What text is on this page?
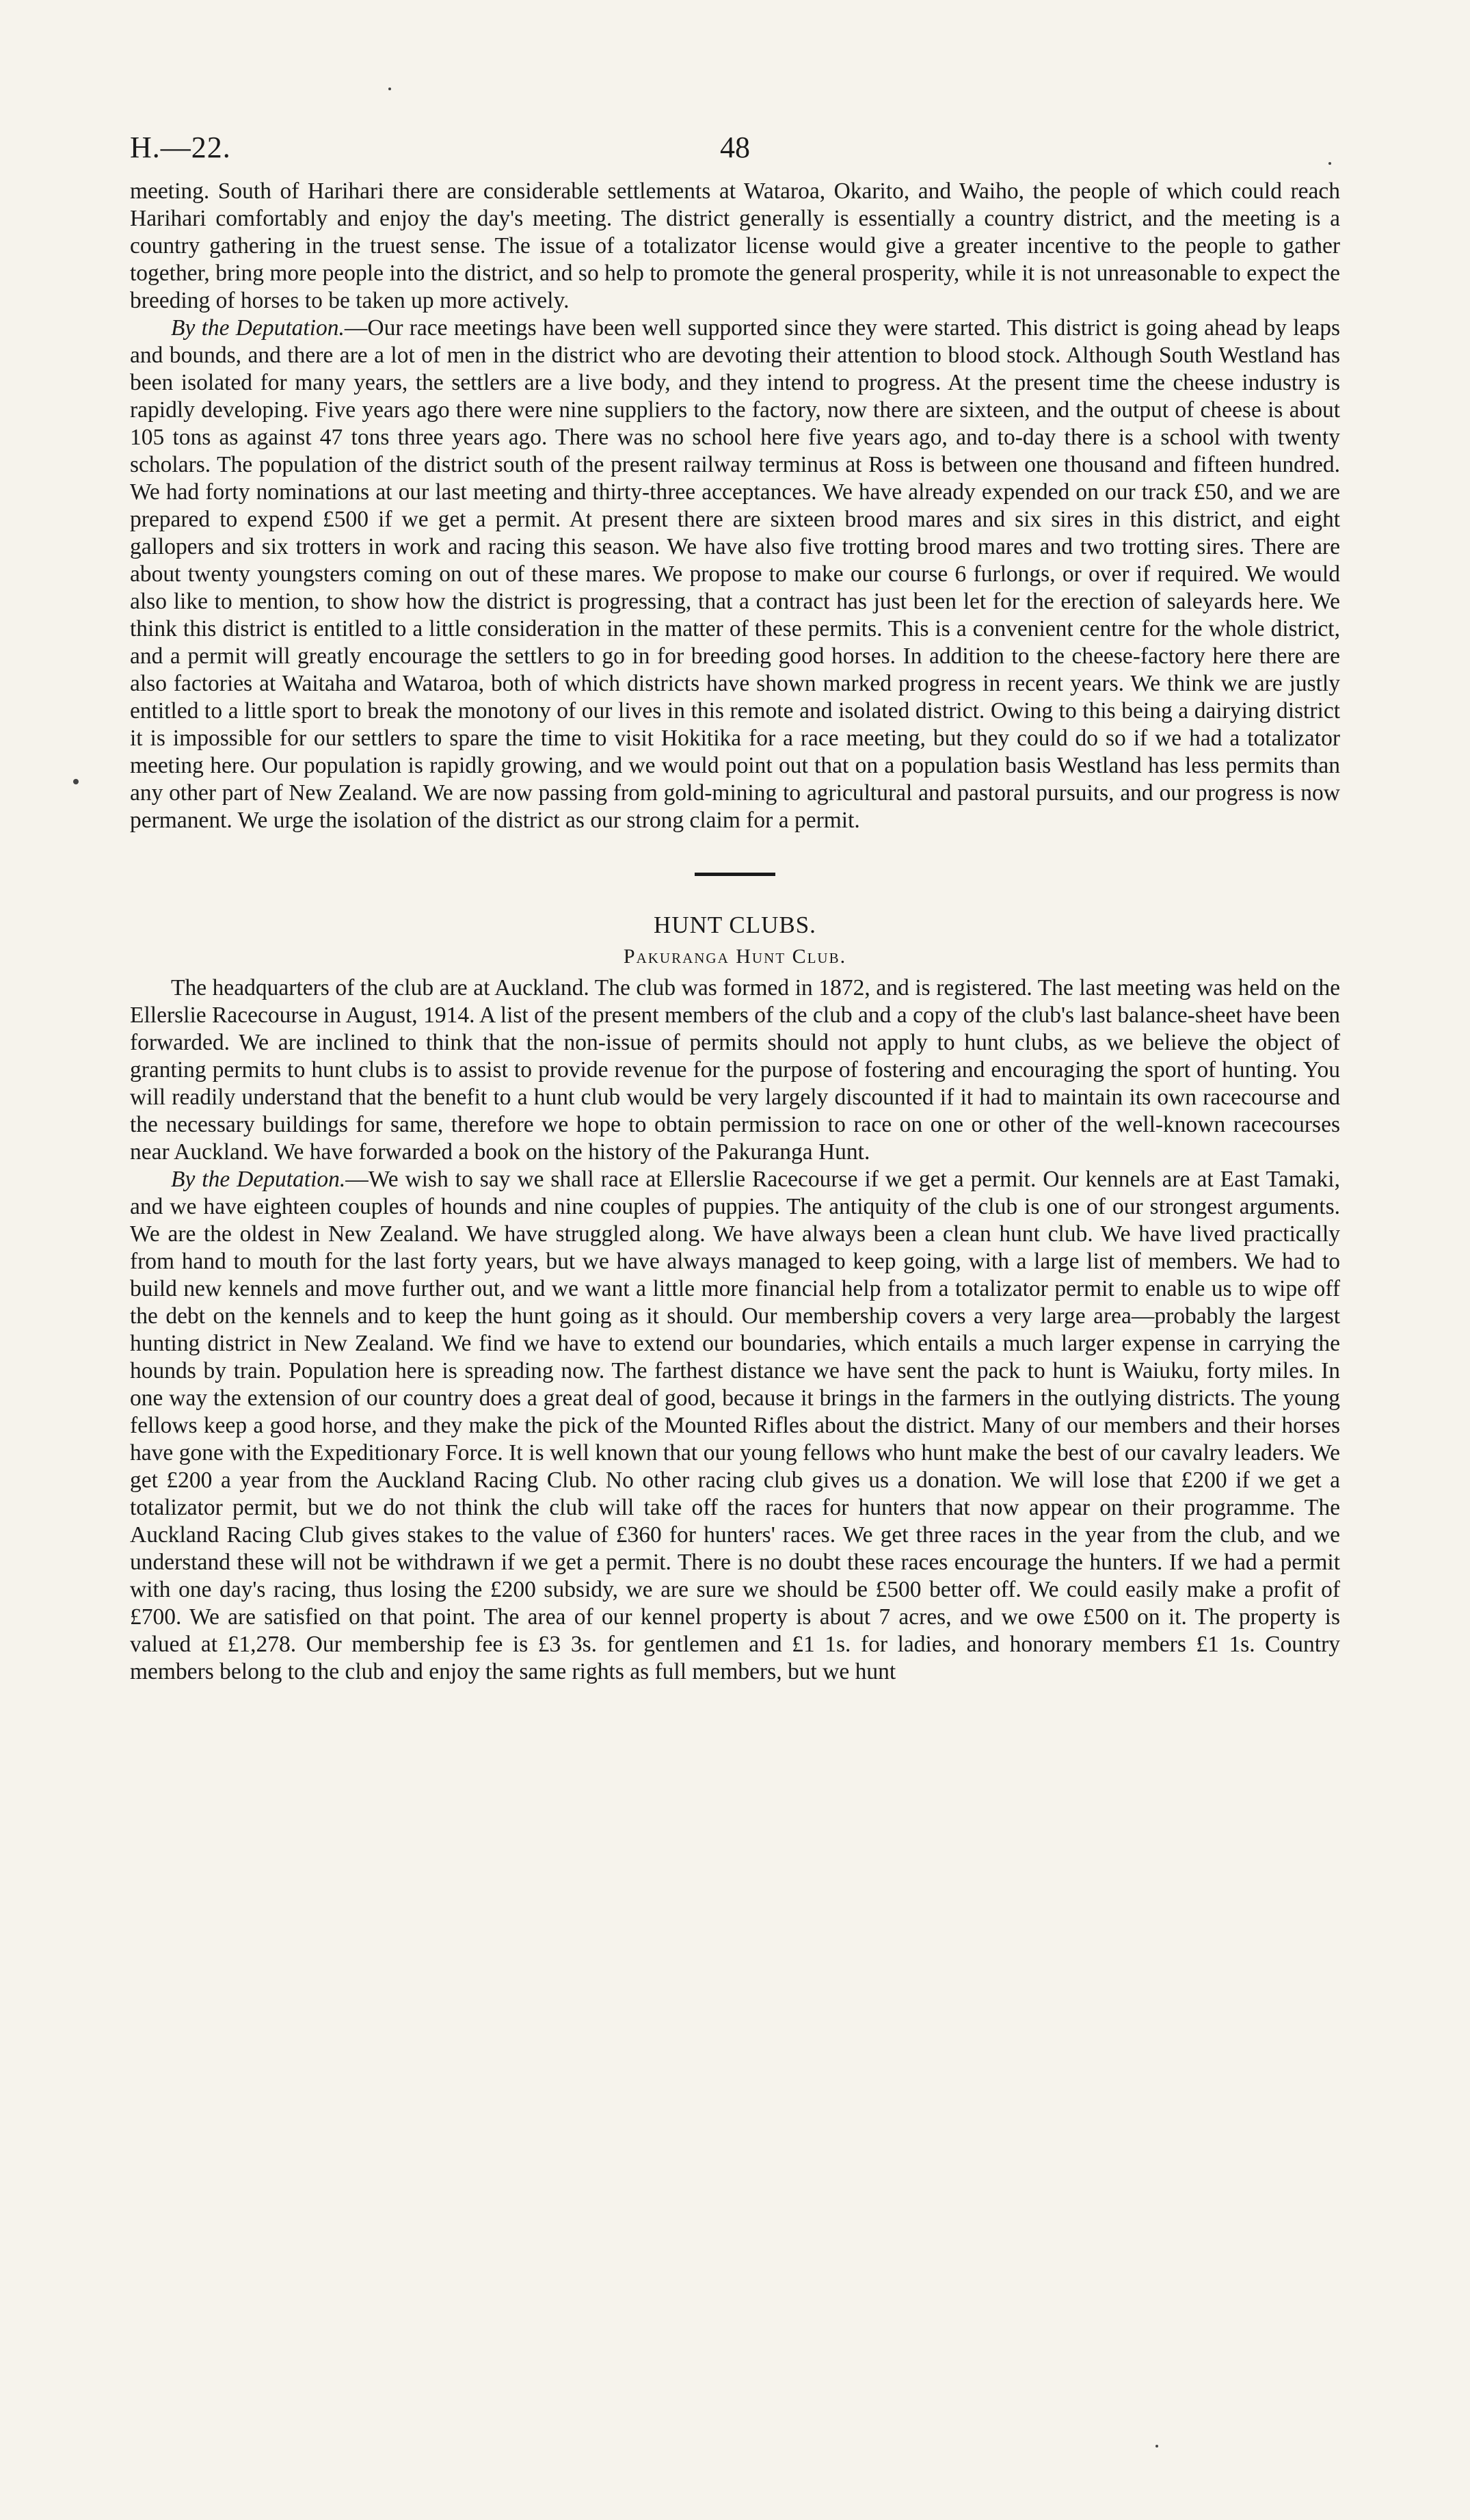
H.—22.	48

meeting. South of Harihari there are considerable settlements at Wataroa, Okarito, and Waiho, the people of which could reach Harihari comfortably and enjoy the day's meeting. The district generally is essentially a country district, and the meeting is a country gathering in the truest sense. The issue of a totalizator license would give a greater incentive to the people to gather together, bring more people into the district, and so help to promote the general prosperity, while it is not unreasonable to expect the breeding of horses to be taken up more actively.

By the Deputation.—Our race meetings have been well supported since they were started. This district is going ahead by leaps and bounds, and there are a lot of men in the district who are devoting their attention to blood stock. Although South Westland has been isolated for many years, the settlers are a live body, and they intend to progress. At the present time the cheese industry is rapidly developing. Five years ago there were nine suppliers to the factory, now there are sixteen, and the output of cheese is about 105 tons as against 47 tons three years ago. There was no school here five years ago, and to-day there is a school with twenty scholars. The population of the district south of the present railway terminus at Ross is between one thousand and fifteen hundred. We had forty nominations at our last meeting and thirty-three acceptances. We have already expended on our track £50, and we are prepared to expend £500 if we get a permit. At present there are sixteen brood mares and six sires in this district, and eight gallopers and six trotters in work and racing this season. We have also five trotting brood mares and two trotting sires. There are about twenty youngsters coming on out of these mares. We propose to make our course 6 furlongs, or over if required. We would also like to mention, to show how the district is progressing, that a contract has just been let for the erection of saleyards here. We think this district is entitled to a little consideration in the matter of these permits. This is a convenient centre for the whole district, and a permit will greatly encourage the settlers to go in for breeding good horses. In addition to the cheese-factory here there are also factories at Waitaha and Wataroa, both of which districts have shown marked progress in recent years. We think we are justly entitled to a little sport to break the monotony of our lives in this remote and isolated district. Owing to this being a dairying district it is impossible for our settlers to spare the time to visit Hokitika for a race meeting, but they could do so if we had a totalizator meeting here. Our population is rapidly growing, and we would point out that on a population basis Westland has less permits than any other part of New Zealand. We are now passing from gold-mining to agricultural and pastoral pursuits, and our progress is now permanent. We urge the isolation of the district as our strong claim for a permit.

HUNT CLUBS.
Pakuranga Hunt Club.

The headquarters of the club are at Auckland. The club was formed in 1872, and is registered. The last meeting was held on the Ellerslie Racecourse in August, 1914. A list of the present members of the club and a copy of the club's last balance-sheet have been forwarded. We are inclined to think that the non-issue of permits should not apply to hunt clubs, as we believe the object of granting permits to hunt clubs is to assist to provide revenue for the purpose of fostering and encouraging the sport of hunting. You will readily understand that the benefit to a hunt club would be very largely discounted if it had to maintain its own racecourse and the necessary buildings for same, therefore we hope to obtain permission to race on one or other of the well-known racecourses near Auckland. We have forwarded a book on the history of the Pakuranga Hunt.

By the Deputation.—We wish to say we shall race at Ellerslie Racecourse if we get a permit. Our kennels are at East Tamaki, and we have eighteen couples of hounds and nine couples of puppies. The antiquity of the club is one of our strongest arguments. We are the oldest in New Zealand. We have struggled along. We have always been a clean hunt club. We have lived practically from hand to mouth for the last forty years, but we have always managed to keep going, with a large list of members. We had to build new kennels and move further out, and we want a little more financial help from a totalizator permit to enable us to wipe off the debt on the kennels and to keep the hunt going as it should. Our membership covers a very large area—probably the largest hunting district in New Zealand. We find we have to extend our boundaries, which entails a much larger expense in carrying the hounds by train. Population here is spreading now. The farthest distance we have sent the pack to hunt is Waiuku, forty miles. In one way the extension of our country does a great deal of good, because it brings in the farmers in the outlying districts. The young fellows keep a good horse, and they make the pick of the Mounted Rifles about the district. Many of our members and their horses have gone with the Expeditionary Force. It is well known that our young fellows who hunt make the best of our cavalry leaders. We get £200 a year from the Auckland Racing Club. No other racing club gives us a donation. We will lose that £200 if we get a totalizator permit, but we do not think the club will take off the races for hunters that now appear on their programme. The Auckland Racing Club gives stakes to the value of £360 for hunters' races. We get three races in the year from the club, and we understand these will not be withdrawn if we get a permit. There is no doubt these races encourage the hunters. If we had a permit with one day's racing, thus losing the £200 subsidy, we are sure we should be £500 better off. We could easily make a profit of £700. We are satisfied on that point. The area of our kennel property is about 7 acres, and we owe £500 on it. The property is valued at £1,278. Our membership fee is £3 3s. for gentlemen and £1 1s. for ladies, and honorary members £1 1s. Country members belong to the club and enjoy the same rights as full members, but we hunt
